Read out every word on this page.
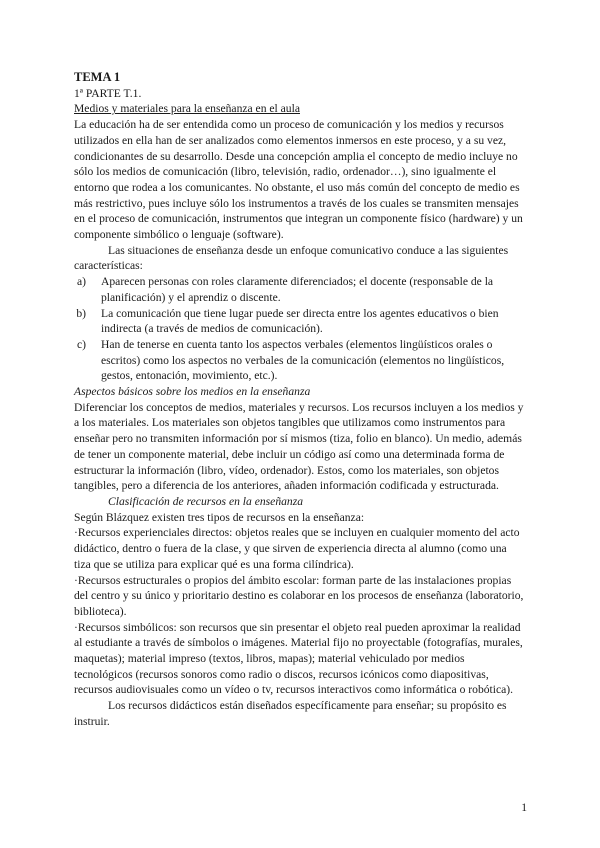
TEMA 1

1ª PARTE T.1.

Medios y materiales para la enseñanza en el aula

La educación ha de ser entendida como un proceso de comunicación y los medios y recursos utilizados en ella han de ser analizados como elementos inmersos en este proceso, y a su vez, condicionantes de su desarrollo. Desde una concepción amplia el concepto de medio incluye no sólo los medios de comunicación (libro, televisión, radio, ordenador…), sino igualmente el entorno que rodea a los comunicantes. No obstante, el uso más común del concepto de medio es más restrictivo, pues incluye sólo los instrumentos a través de los cuales se transmiten mensajes en el proceso de comunicación, instrumentos que integran un componente físico (hardware) y un componente simbólico o lenguaje (software).

Las situaciones de enseñanza desde un enfoque comunicativo conduce a las siguientes características:

a) Aparecen personas con roles claramente diferenciados; el docente (responsable de la planificación) y el aprendiz o discente.
b) La comunicación que tiene lugar puede ser directa entre los agentes educativos o bien indirecta (a través de medios de comunicación).
c) Han de tenerse en cuenta tanto los aspectos verbales (elementos lingüísticos orales o escritos) como los aspectos no verbales de la comunicación (elementos no lingüísticos, gestos, entonación, movimiento, etc.).

Aspectos básicos sobre los medios en la enseñanza

Diferenciar los conceptos de medios, materiales y recursos. Los recursos incluyen a los medios y a los materiales. Los materiales son objetos tangibles que utilizamos como instrumentos para enseñar pero no transmiten información por sí mismos (tiza, folio en blanco). Un medio, además de tener un componente material, debe incluir un código así como una determinada forma de estructurar la información (libro, vídeo, ordenador). Estos, como los materiales, son objetos tangibles, pero a diferencia de los anteriores, añaden información codificada y estructurada.

Clasificación de recursos en la enseñanza

Según Blázquez existen tres tipos de recursos en la enseñanza:

·Recursos experienciales directos: objetos reales que se incluyen en cualquier momento del acto didáctico, dentro o fuera de la clase, y que sirven de experiencia directa al alumno (como una tiza que se utiliza para explicar qué es una forma cilíndrica).

·Recursos estructurales o propios del ámbito escolar: forman parte de las instalaciones propias del centro y su único y prioritario destino es colaborar en los procesos de enseñanza (laboratorio, biblioteca).

·Recursos simbólicos: son recursos que sin presentar el objeto real pueden aproximar la realidad al estudiante a través de símbolos o imágenes. Material fijo no proyectable (fotografías, murales, maquetas); material impreso (textos, libros, mapas); material vehiculado por medios tecnológicos (recursos sonoros como radio o discos, recursos icónicos como diapositivas, recursos audiovisuales como un vídeo o tv, recursos interactivos como informática o robótica).

Los recursos didácticos están diseñados específicamente para enseñar; su propósito es instruir.

1
